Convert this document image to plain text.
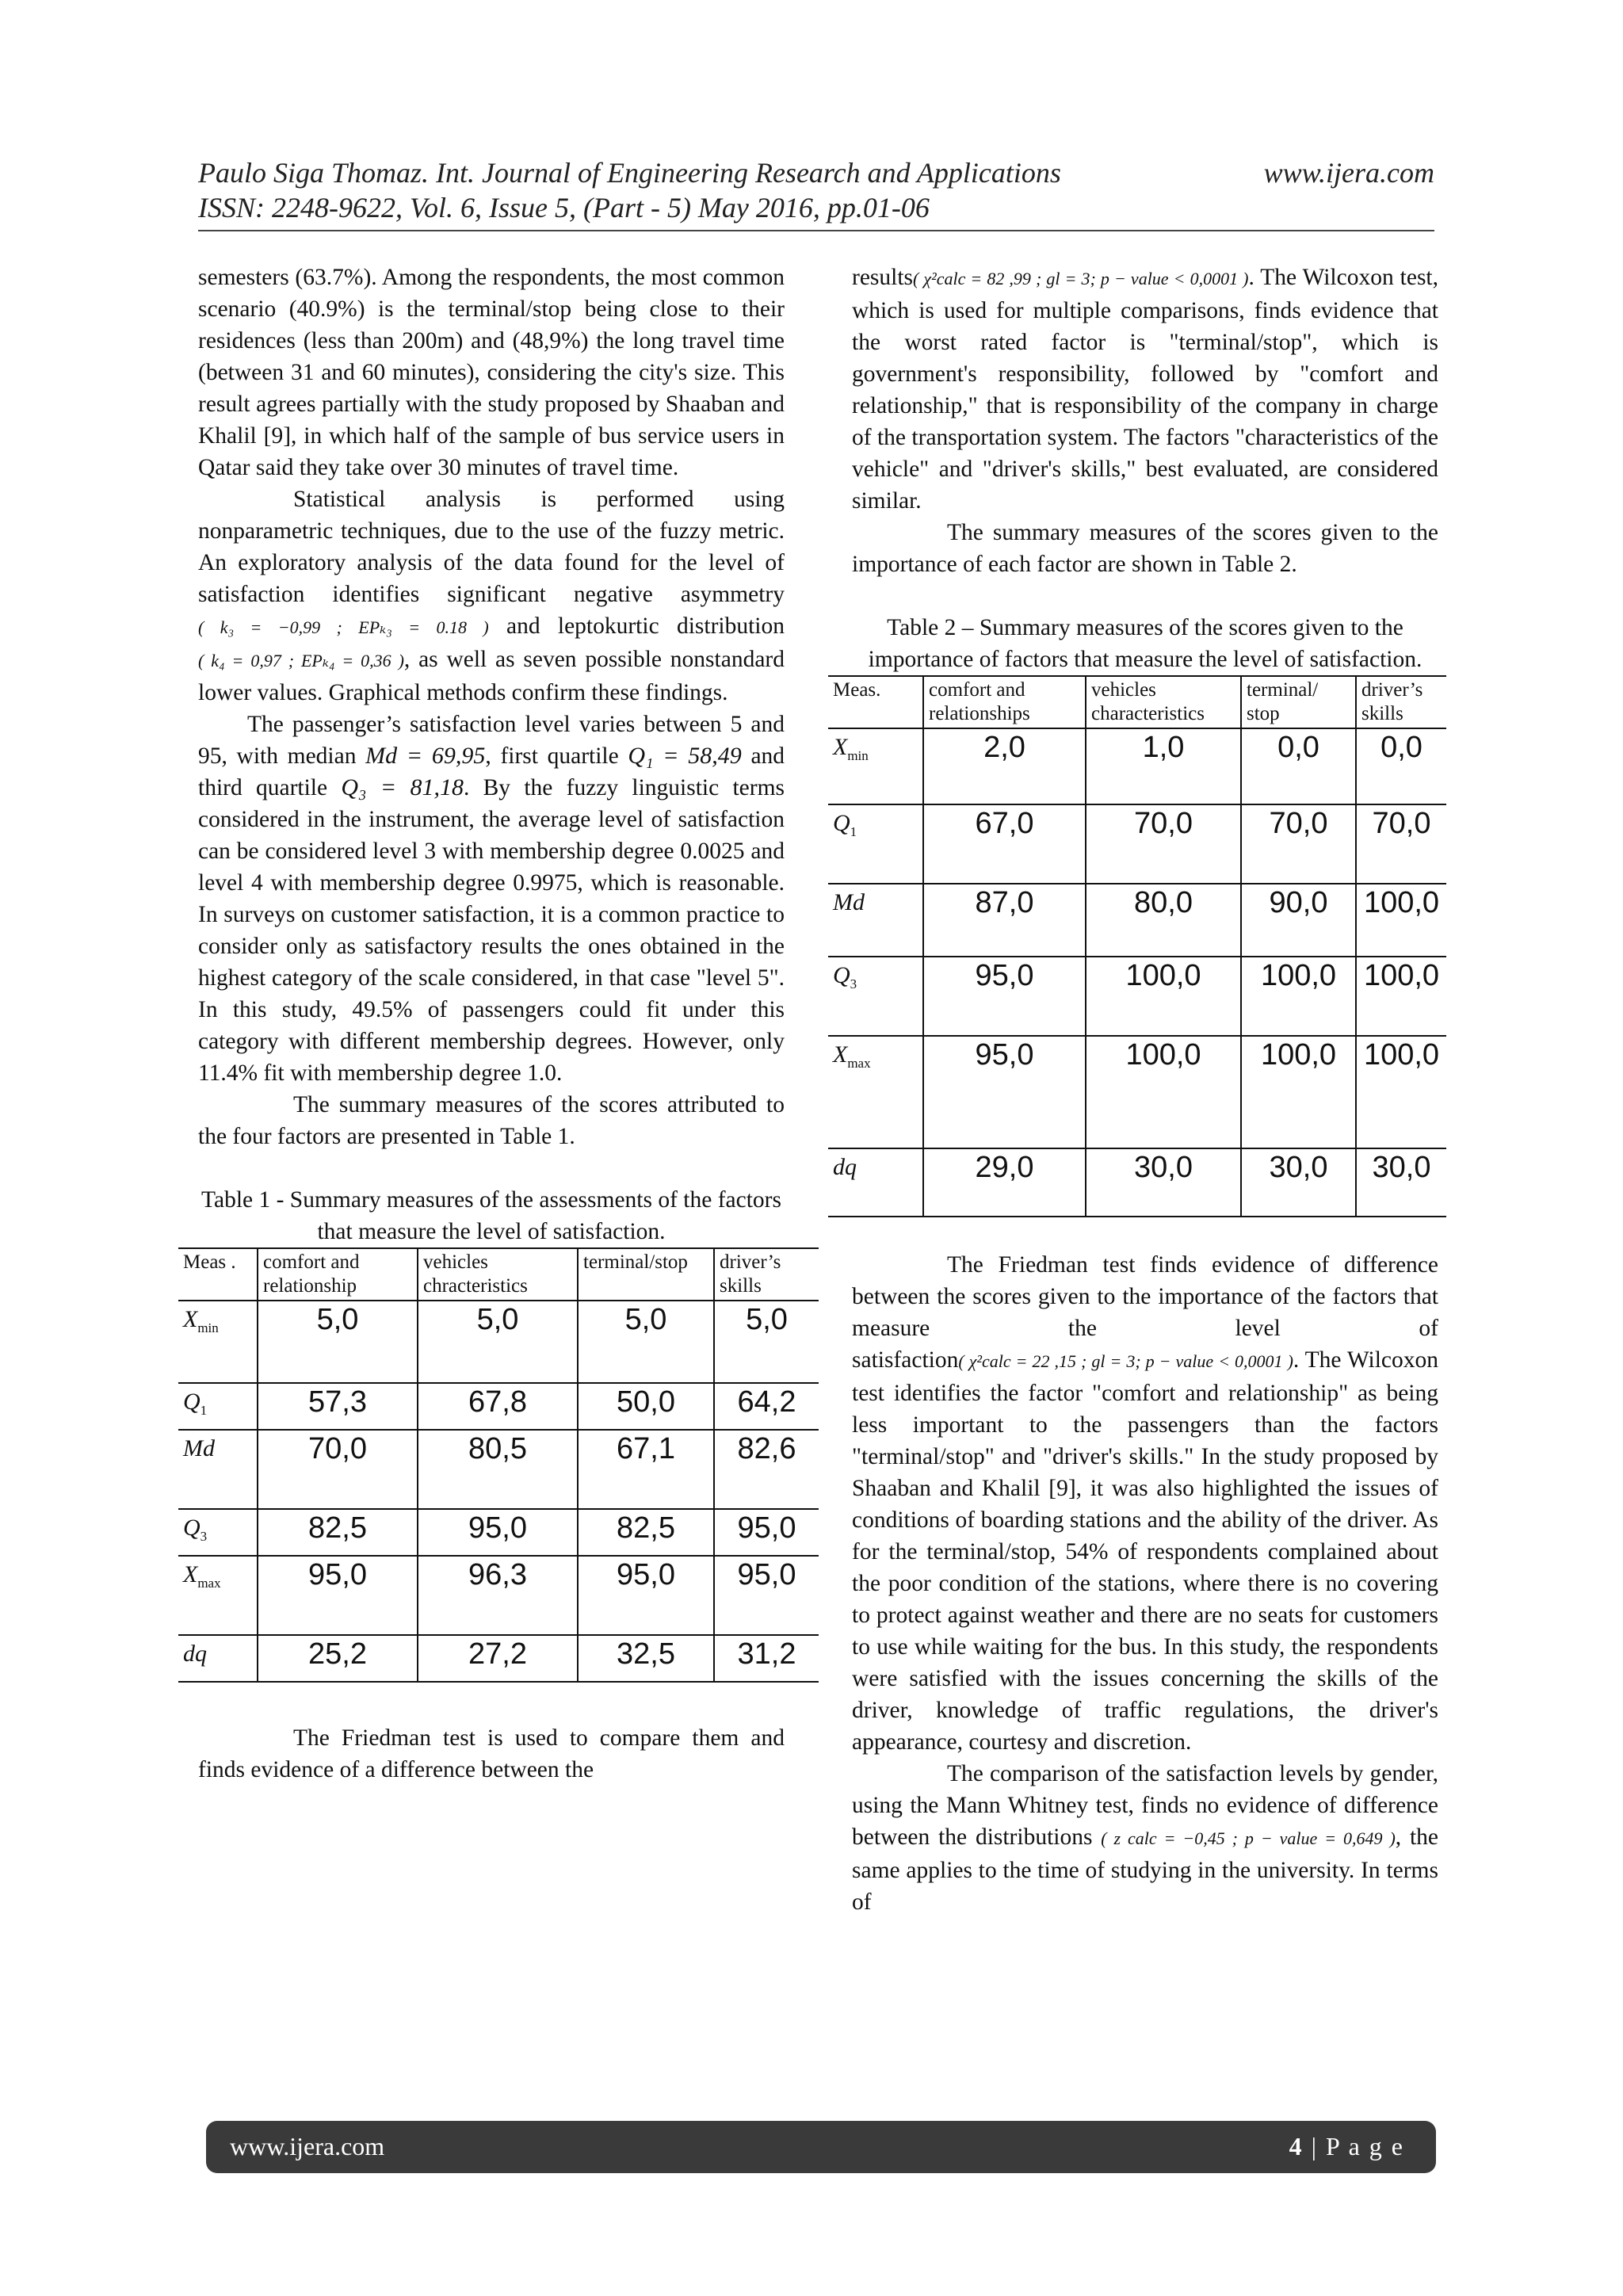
Paulo Siga Thomaz. Int. Journal of Engineering Research and Applications	www.ijera.com
ISSN: 2248-9622, Vol. 6, Issue 5, (Part - 5) May 2016, pp.01-06

semesters (63.7%). Among the respondents, the most common scenario (40.9%) is the terminal/stop being close to their residences (less than 200m) and (48,9%) the long travel time (between 31 and 60 minutes), considering the city's size. This result agrees partially with the study proposed by Shaaban and Khalil [9], in which half of the sample of bus service users in Qatar said they take over 30 minutes of travel time.

Statistical analysis is performed using nonparametric techniques, due to the use of the fuzzy metric. An exploratory analysis of the data found for the level of satisfaction identifies significant negative asymmetry ( k₃ = −0,99 ; EPₖ₃ = 0.18 ) and leptokurtic distribution ( k₄ = 0,97 ; EPₖ₄ = 0,36 ), as well as seven possible nonstandard lower values. Graphical methods confirm these findings.

The passenger’s satisfaction level varies between 5 and 95, with median Md = 69,95, first quartile Q₁ = 58,49 and third quartile Q₃ = 81,18. By the fuzzy linguistic terms considered in the instrument, the average level of satisfaction can be considered level 3 with membership degree 0.0025 and level 4 with membership degree 0.9975, which is reasonable. In surveys on customer satisfaction, it is a common practice to consider only as satisfactory results the ones obtained in the highest category of the scale considered, in that case "level 5". In this study, 49.5% of passengers could fit under this category with different membership degrees. However, only 11.4% fit with membership degree 1.0.

The summary measures of the scores attributed to the four factors are presented in Table 1.

Table 1 - Summary measures of the assessments of the factors that measure the level of satisfaction.

Meas .	comfort and relationship	vehicles chracteristics	terminal/stop	driver’s skills
$X_{min}$	5,0	5,0	5,0	5,0
$Q_1$	57,3	67,8	50,0	64,2
Md	70,0	80,5	67,1	82,6
$Q_3$	82,5	95,0	82,5	95,0
$X_{max}$	95,0	96,3	95,0	95,0
dq	25,2	27,2	32,5	31,2

The Friedman test is used to compare them and finds evidence of a difference between the

results( χ²calc = 82 ,99 ; gl = 3; p − value < 0,0001 ). The Wilcoxon test, which is used for multiple comparisons, finds evidence that the worst rated factor is "terminal/stop", which is government's responsibility, followed by "comfort and relationship," that is responsibility of the company in charge of the transportation system. The factors "characteristics of the vehicle" and "driver's skills," best evaluated, are considered similar.

The summary measures of the scores given to the importance of each factor are shown in Table 2.

Table 2 – Summary measures of the scores given to the importance of factors that measure the level of satisfaction.

Meas.	comfort and relationships	vehicles characteristics	terminal/ stop	driver’s skills
$X_{min}$	2,0	1,0	0,0	0,0
$Q_1$	67,0	70,0	70,0	70,0
Md	87,0	80,0	90,0	100,0
$Q_3$	95,0	100,0	100,0	100,0
$X_{max}$	95,0	100,0	100,0	100,0
dq	29,0	30,0	30,0	30,0

The Friedman test finds evidence of difference between the scores given to the importance of the factors that measure the level of satisfaction( χ²calc = 22 ,15 ; gl = 3; p − value < 0,0001 ). The Wilcoxon test identifies the factor "comfort and relationship" as being less important to the passengers than the factors "terminal/stop" and "driver's skills." In the study proposed by Shaaban and Khalil [9], it was also highlighted the issues of conditions of boarding stations and the ability of the driver. As for the terminal/stop, 54% of respondents complained about the poor condition of the stations, where there is no covering to protect against weather and there are no seats for customers to use while waiting for the bus. In this study, the respondents were satisfied with the issues concerning the skills of the driver, knowledge of traffic regulations, the driver's appearance, courtesy and discretion.

The comparison of the satisfaction levels by gender, using the Mann Whitney test, finds no evidence of difference between the distributions ( z calc = −0,45 ; p − value = 0,649 ), the same applies to the time of studying in the university. In terms of

www.ijera.com	4 | P a g e
